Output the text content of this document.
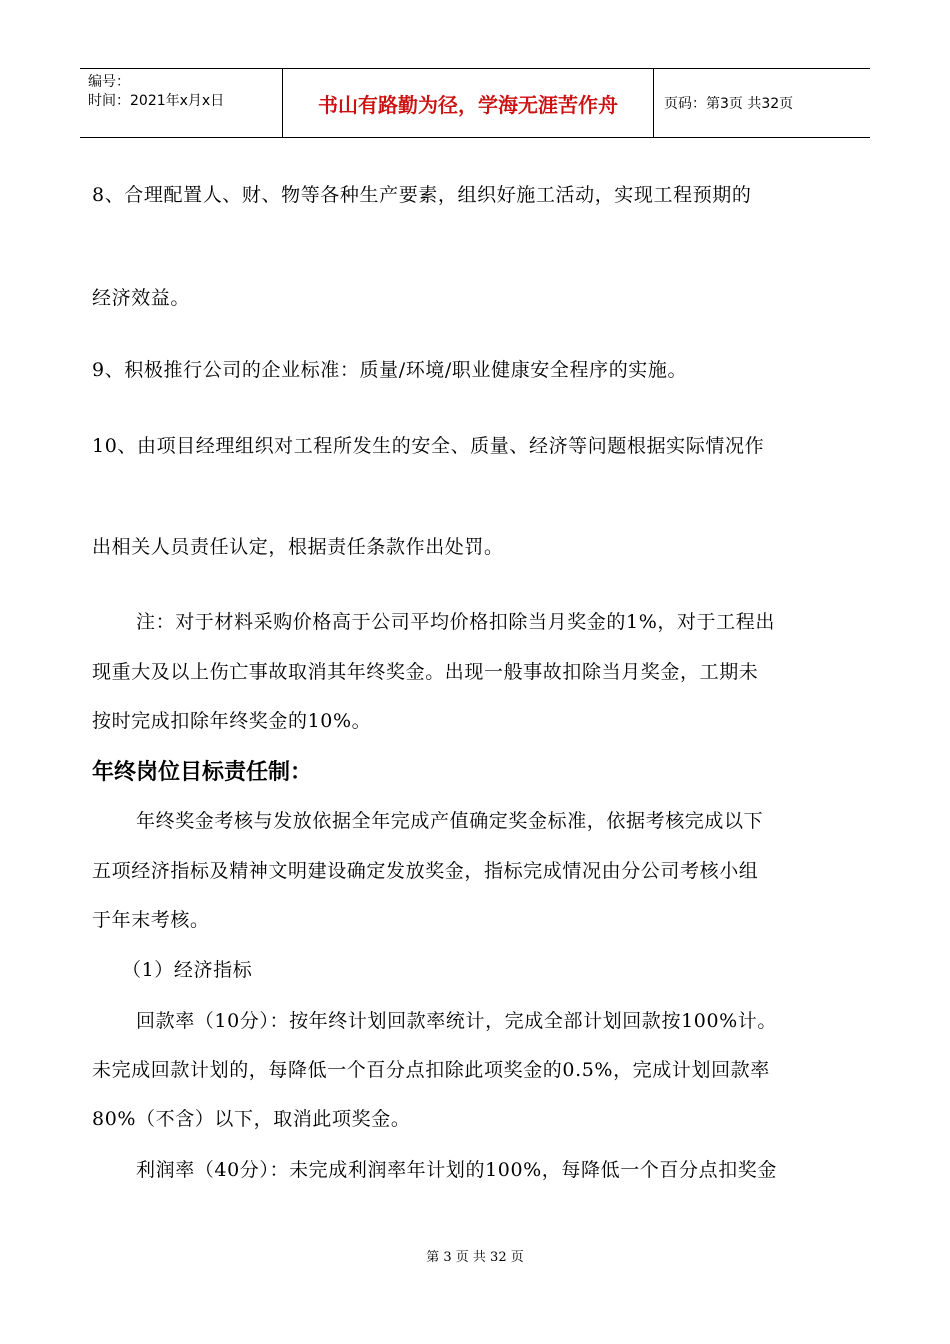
编号：
时间：2021年x月x日	书山有路勤为径，学海无涯苦作舟	页码：第3页 共32页
8、合理配置人、财、物等各种生产要素，组织好施工活动，实现工程预期的
经济效益。
9、积极推行公司的企业标准：质量/环境/职业健康安全程序的实施。
10、由项目经理组织对工程所发生的安全、质量、经济等问题根据实际情况作
出相关人员责任认定，根据责任条款作出处罚。
注：对于材料采购价格高于公司平均价格扣除当月奖金的1%，对于工程出
现重大及以上伤亡事故取消其年终奖金。出现一般事故扣除当月奖金，工期未
按时完成扣除年终奖金的10%。
年终岗位目标责任制：
年终奖金考核与发放依据全年完成产值确定奖金标准，依据考核完成以下
五项经济指标及精神文明建设确定发放奖金，指标完成情况由分公司考核小组
于年末考核。
（1）经济指标
回款率（10分）：按年终计划回款率统计，完成全部计划回款按100%计。
未完成回款计划的，每降低一个百分点扣除此项奖金的0.5%，完成计划回款率
80%（不含）以下，取消此项奖金。
利润率（40分）：未完成利润率年计划的100%，每降低一个百分点扣奖金
第 3 页 共 32 页
